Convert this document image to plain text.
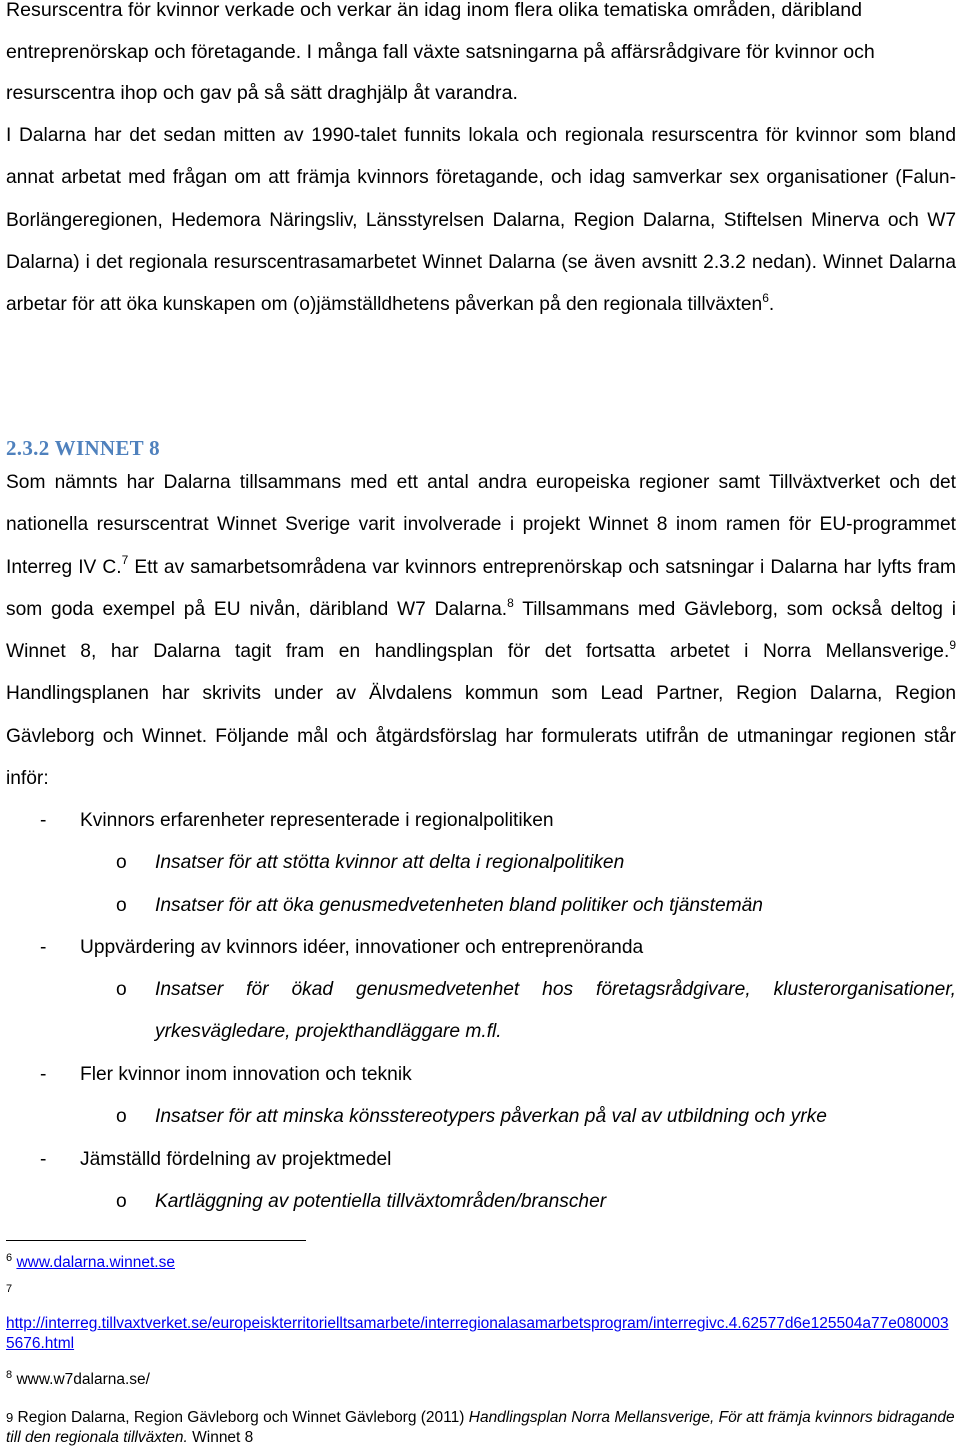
Resurscentra för kvinnor verkade och verkar än idag inom flera olika tematiska områden, däribland entreprenörskap och företagande. I många fall växte satsningarna på affärsrådgivare för kvinnor och resurscentra ihop och gav på så sätt draghjälp åt varandra.

I Dalarna har det sedan mitten av 1990-talet funnits lokala och regionala resurscentra för kvinnor som bland annat arbetat med frågan om att främja kvinnors företagande, och idag samverkar sex organisationer (Falun-Borlängeregionen, Hedemora Näringsliv, Länsstyrelsen Dalarna, Region Dalarna, Stiftelsen Minerva och W7 Dalarna) i det regionala resurscentrasamarbetet Winnet Dalarna (se även avsnitt 2.3.2 nedan). Winnet Dalarna arbetar för att öka kunskapen om (o)jämställdhetens påverkan på den regionala tillväxten$^6$.

2.3.2 WINNET 8

Som nämnts har Dalarna tillsammans med ett antal andra europeiska regioner samt Tillväxtverket och det nationella resurscentrat Winnet Sverige varit involverade i projekt Winnet 8 inom ramen för EU-programmet Interreg IV C.$^7$ Ett av samarbetsområdena var kvinnors entreprenörskap och satsningar i Dalarna har lyfts fram som goda exempel på EU nivån, däribland W7 Dalarna.$^8$ Tillsammans med Gävleborg, som också deltog i Winnet 8, har Dalarna tagit fram en handlingsplan för det fortsatta arbetet i Norra Mellansverige.$^9$ Handlingsplanen har skrivits under av Älvdalens kommun som Lead Partner, Region Dalarna, Region Gävleborg och Winnet. Följande mål och åtgärdsförslag har formulerats utifrån de utmaningar regionen står inför:

-	Kvinnors erfarenheter representerade i regionalpolitiken
o	Insatser för att stötta kvinnor att delta i regionalpolitiken
o	Insatser för att öka genusmedvetenheten bland politiker och tjänstemän
-	Uppvärdering av kvinnors idéer, innovationer och entreprenöranda
o	Insatser för ökad genusmedvetenhet hos företagsrådgivare, klusterorganisationer, yrkesvägledare, projekthandläggare m.fl.
-	Fler kvinnor inom innovation och teknik
o	Insatser för att minska könsstereotypers påverkan på val av utbildning och yrke
-	Jämställd fördelning av projektmedel
o	Kartläggning av potentiella tillväxtområden/branscher
$^6$ www.dalarna.winnet.se
$^7$
http://interreg.tillvaxtverket.se/europeiskterritorielltsamarbete/interregionalasamarbetsprogram/interregivc.4.62577d6e125504a77e0800035676.html
$^8$ www.w7dalarna.se/
9 Region Dalarna, Region Gävleborg och Winnet Gävleborg (2011) Handlingsplan Norra Mellansverige, För att främja kvinnors bidragande till den regionala tillväxten. Winnet 8
